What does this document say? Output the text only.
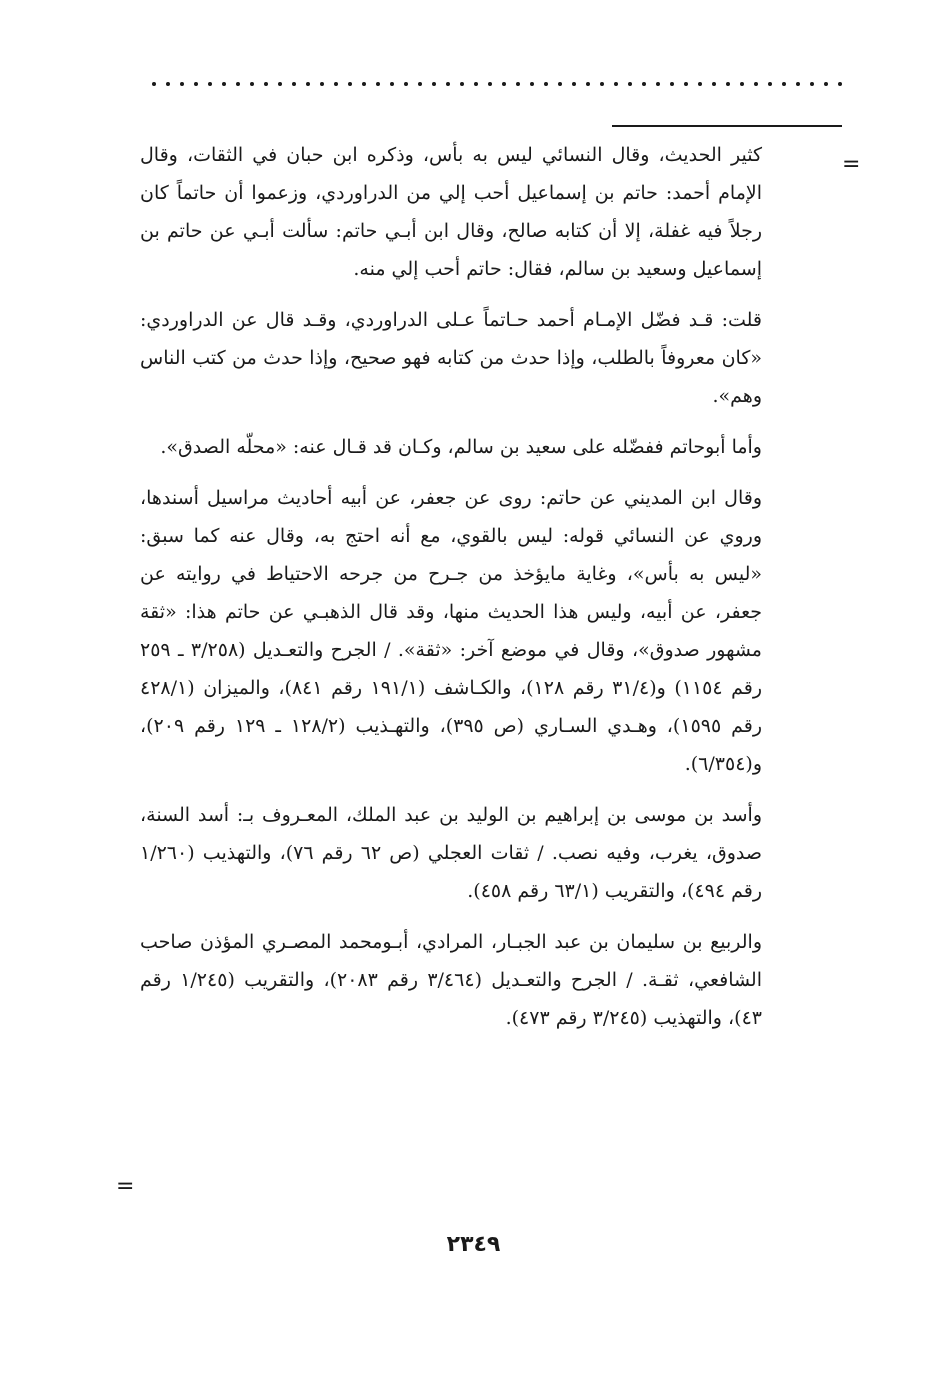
=

كثير الحديث، وقال النسائي ليس به بأس، وذكره ابن حبان في الثقات، وقال الإمام أحمد: حاتم بن إسماعيل أحب إلي من الدراوردي، وزعموا أن حاتماً كان رجلاً فيه غفلة، إلا أن كتابه صالح، وقال ابن أبـي حاتم: سألت أبـي عن حاتم بن إسماعيل وسعيد بن سالم، فقال: حاتم أحب إلي منه.

قلت: قـد فضّل الإمـام أحمد حـاتماً عـلى الدراوردي، وقـد قال عن الدراوردي: «كان معروفاً بالطلب، وإذا حدث من كتابه فهو صحيح، وإذا حدث من كتب الناس وهم».

وأما أبوحاتم ففضّله على سعيد بن سالم، وكـان قد قـال عنه: «محلّه الصدق».

وقال ابن المديني عن حاتم: روى عن جعفر، عن أبيه أحاديث مراسيل أسندها، وروي عن النسائي قوله: ليس بالقوي، مع أنه احتج به، وقال عنه كما سبق: «ليس به بأس»، وغاية مايؤخذ من جـرح من جرحه الاحتياط في روايته عن جعفر، عن أبيه، وليس هذا الحديث منها، وقد قال الذهبـي عن حاتم هذا: «ثقة مشهور صدوق»، وقال في موضع آخر: «ثقة». / الجرح والتعـديل (٣/٢٥٨ ـ ٢٥٩ رقم ١١٥٤) و(٣١/٤ رقم ١٢٨)، والكـاشف (١٩١/١ رقم ٨٤١)، والميزان (٤٢٨/١ رقم ١٥٩٥)، وهـدي السـاري (ص ٣٩٥)، والتهـذيب (١٢٨/٢ ـ ١٢٩ رقم ٢٠٩)، و(٦/٣٥٤).

وأسد بن موسى بن إبراهيم بن الوليد بن عبد الملك، المعـروف بـ: أسد السنة، صدوق، يغرب، وفيه نصب. / ثقات العجلي (ص ٦٢ رقم ٧٦)، والتهذيب (١/٢٦٠ رقم ٤٩٤)، والتقريب (٦٣/١ رقم ٤٥٨).

والربيع بن سليمان بن عبد الجبـار، المرادي، أبـومحمد المصـري المؤذن صاحب الشافعي، ثقـة. / الجرح والتعـديل (٣/٤٦٤ رقم ٢٠٨٣)، والتقريب (١/٢٤٥ رقم ٤٣)، والتهذيب (٣/٢٤٥ رقم ٤٧٣).

=
٢٣٤٩
